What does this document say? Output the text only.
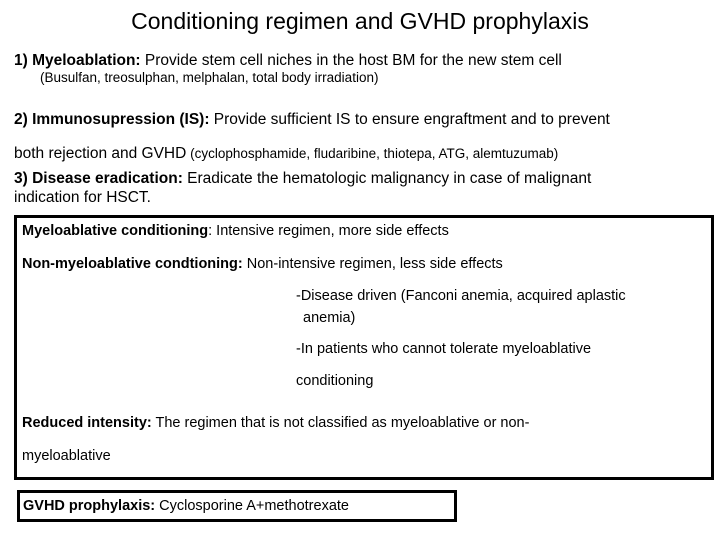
Conditioning regimen and GVHD prophylaxis
1) Myeloablation: Provide stem cell niches in the host BM for the new stem cell
(Busulfan, treosulphan, melphalan, total body irradiation)
2) Immunosupression (IS): Provide sufficient IS to ensure engraftment and to prevent
both rejection and GVHD (cyclophosphamide, fludaribine, thiotepa, ATG, alemtuzumab)
3) Disease eradication: Eradicate the hematologic malignancy in case of malignant
indication for HSCT.
Myeloablative conditioning: Intensive regimen, more side effects
Non-myeloablative condtioning: Non-intensive regimen, less side effects
-Disease driven (Fanconi anemia, acquired aplastic
anemia)
-In patients who cannot tolerate myeloablative
conditioning
Reduced intensity: The regimen that is not classified as myeloablative or non-
myeloablative
GVHD prophylaxis: Cyclosporine A+methotrexate
